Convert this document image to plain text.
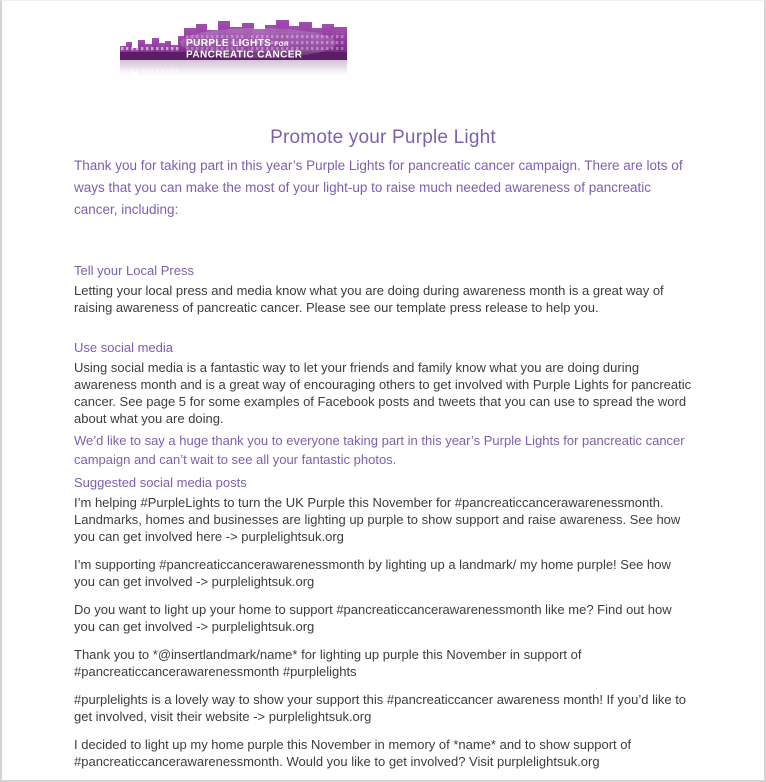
PURPLE LIGHTS FOR
PANCREATIC CANCER
Promote your Purple Light

Thank you for taking part in this year’s Purple Lights for pancreatic cancer campaign. There are lots of ways that you can make the most of your light-up to raise much needed awareness of pancreatic cancer, including:

Tell your Local Press

Letting your local press and media know what you are doing during awareness month is a great way of raising awareness of pancreatic cancer. Please see our template press release to help you.

Use social media

Using social media is a fantastic way to let your friends and family know what you are doing during awareness month and is a great way of encouraging others to get involved with Purple Lights for pancreatic cancer. See page 5 for some examples of Facebook posts and tweets that you can use to spread the word about what you are doing.

We’d like to say a huge thank you to everyone taking part in this year’s Purple Lights for pancreatic cancer campaign and can’t wait to see all your fantastic photos.

Suggested social media posts

I’m helping #PurpleLights to turn the UK Purple this November for #pancreaticcancerawarenessmonth. Landmarks, homes and businesses are lighting up purple to show support and raise awareness. See how you can get involved here -> purplelightsuk.org

I’m supporting #pancreaticcancerawarenessmonth by lighting up a landmark/ my home purple! See how you can get involved -> purplelightsuk.org

Do you want to light up your home to support #pancreaticcancerawarenessmonth like me? Find out how you can get involved -> purplelightsuk.org

Thank you to *@insertlandmark/name* for lighting up purple this November in support of #pancreaticcancerawarenessmonth #purplelights

#purplelights is a lovely way to show your support this #pancreaticcancer awareness month! If you’d like to get involved, visit their website -> purplelightsuk.org

I decided to light up my home purple this November in memory of *name* and to show support of #pancreaticcancerawarenessmonth. Would you like to get involved? Visit purplelightsuk.org
